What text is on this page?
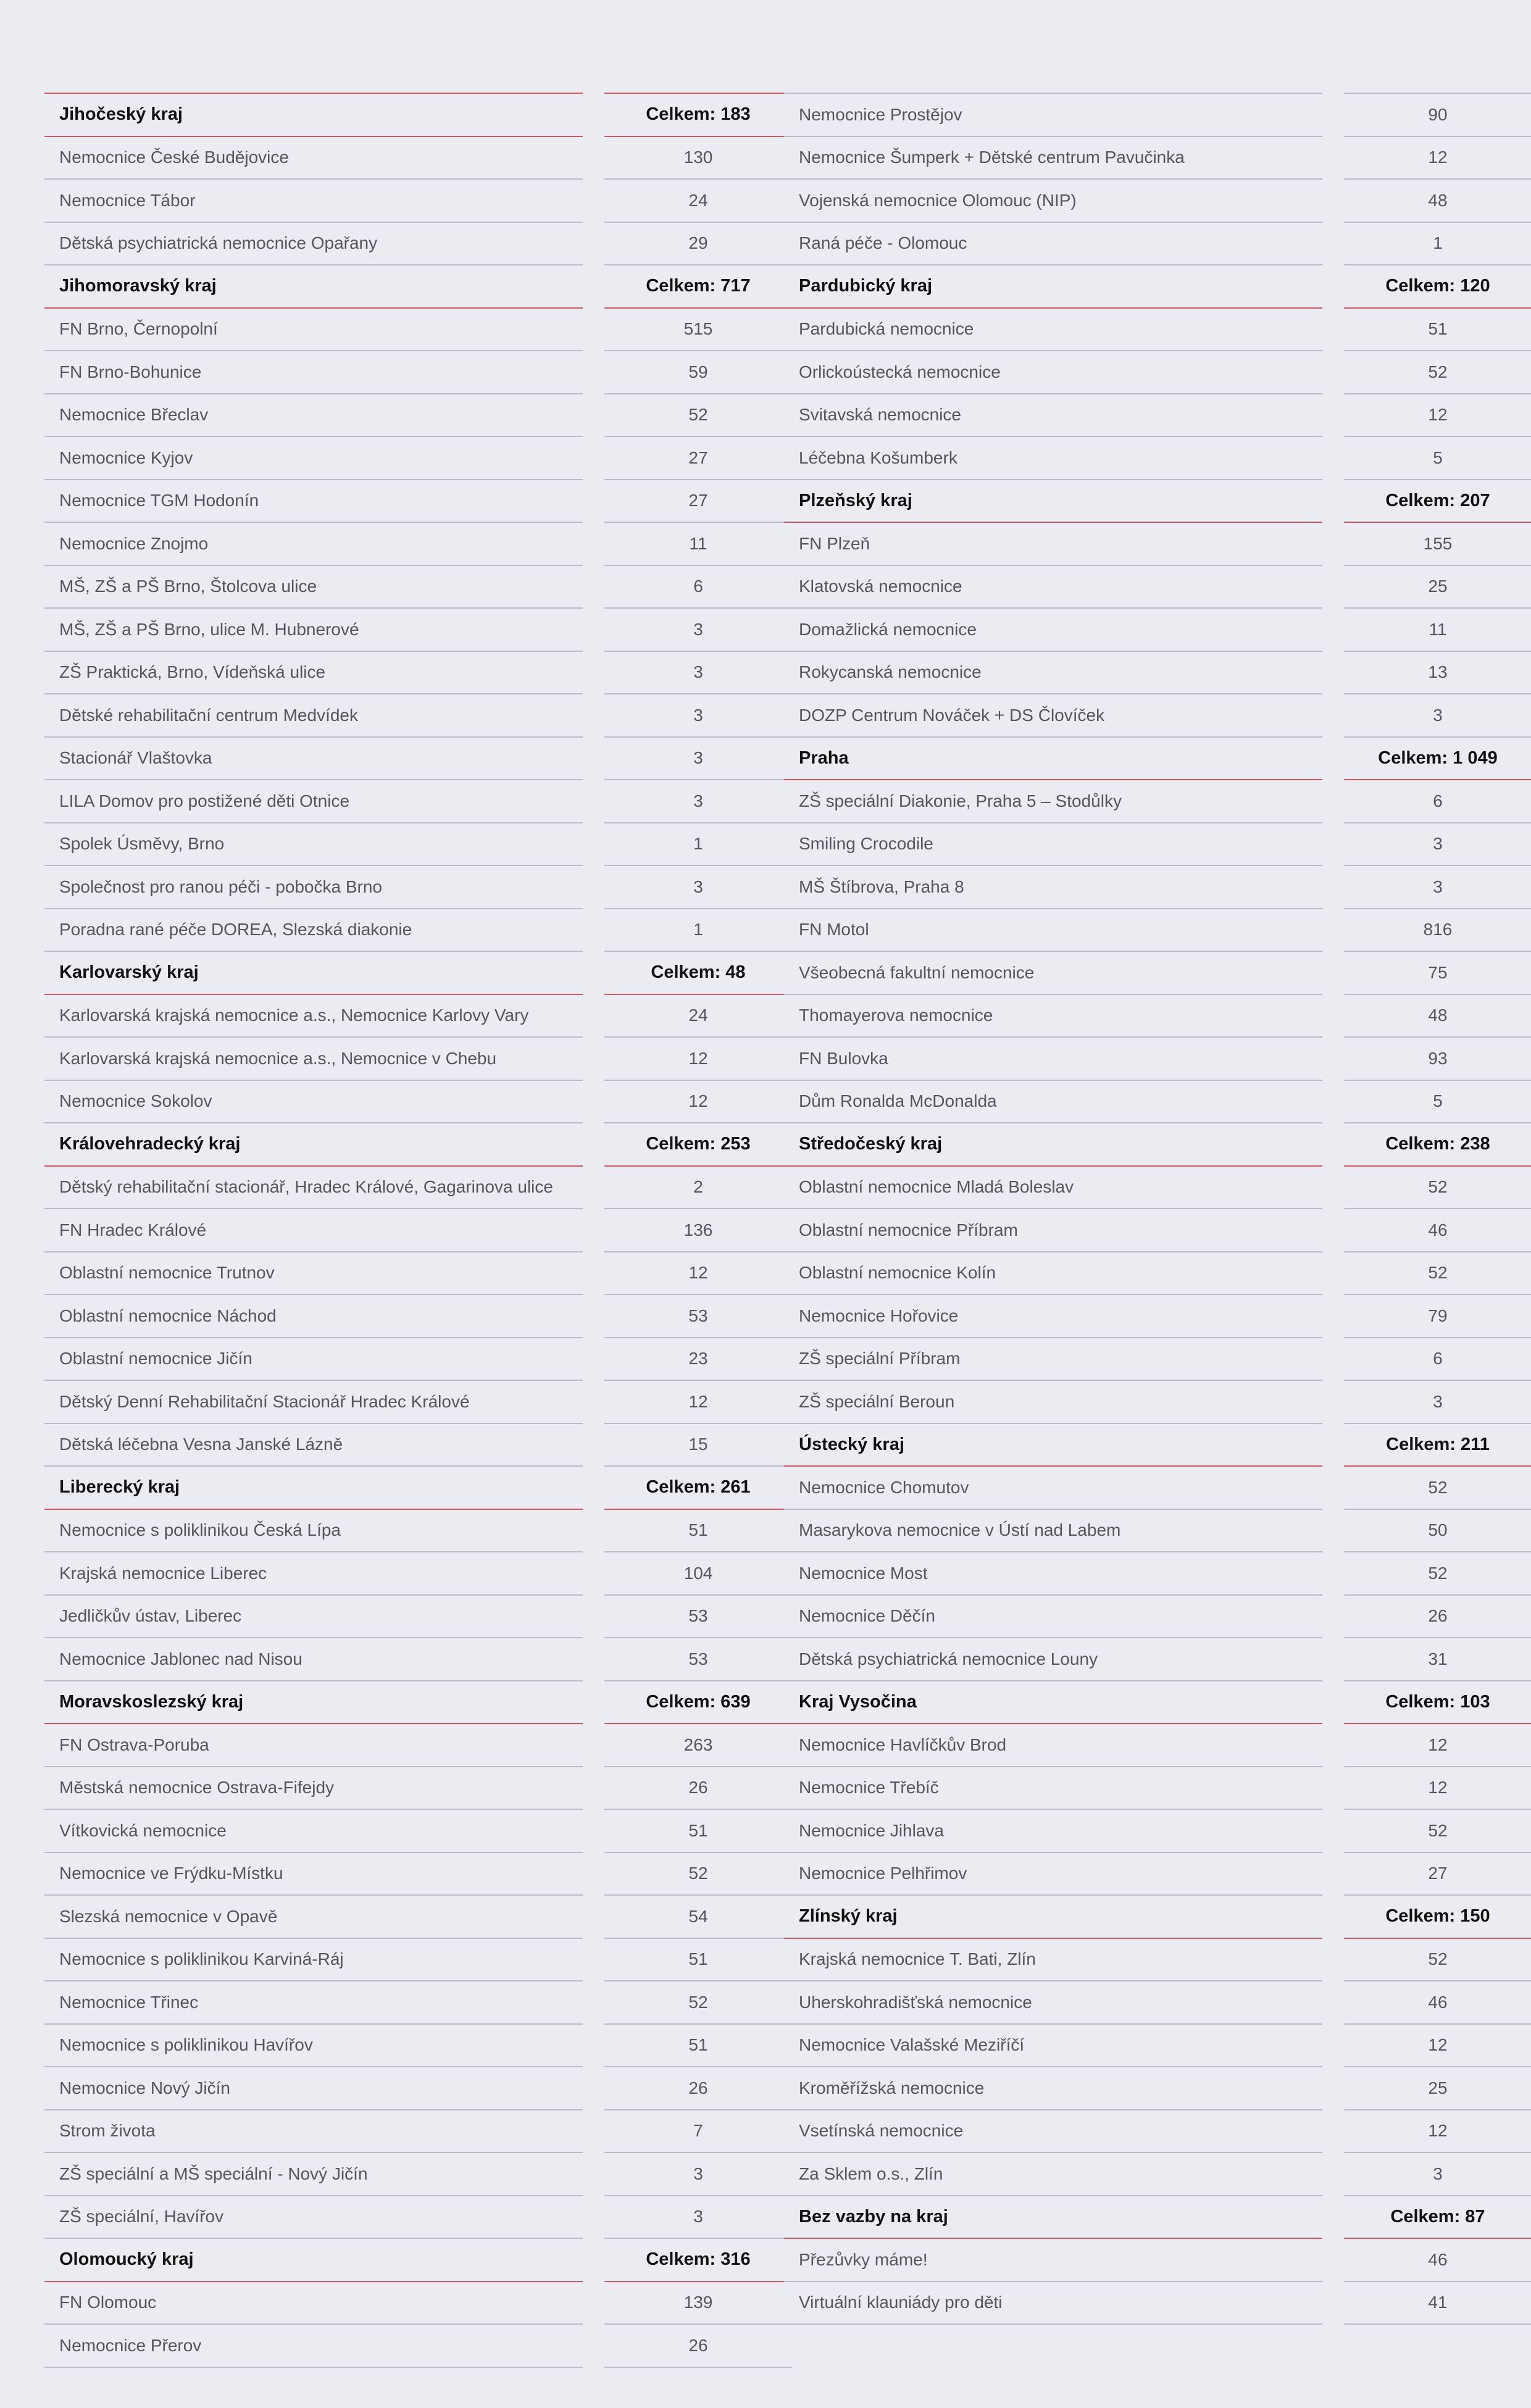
Jihočeský kraj	Celkem: 183
Nemocnice České Budějovice	130
Nemocnice Tábor	24
Dětská psychiatrická nemocnice Opařany	29
Jihomoravský kraj	Celkem: 717
FN Brno, Černopolní	515
FN Brno-Bohunice	59
Nemocnice Břeclav	52
Nemocnice Kyjov	27
Nemocnice TGM Hodonín	27
Nemocnice Znojmo	11
MŠ, ZŠ a PŠ Brno, Štolcova ulice	6
MŠ, ZŠ a PŠ Brno, ulice M. Hubnerové	3
ZŠ Praktická, Brno, Vídeňská ulice	3
Dětské rehabilitační centrum Medvídek	3
Stacionář Vlaštovka	3
LILA Domov pro postižené děti Otnice	3
Spolek Úsměvy, Brno	1
Společnost pro ranou péči - pobočka Brno	3
Poradna rané péče DOREA, Slezská diakonie	1
Karlovarský kraj	Celkem: 48
Karlovarská krajská nemocnice a.s., Nemocnice Karlovy Vary	24
Karlovarská krajská nemocnice a.s., Nemocnice v Chebu	12
Nemocnice Sokolov	12
Královehradecký kraj	Celkem: 253
Dětský rehabilitační stacionář, Hradec Králové, Gagarinova ulice	2
FN Hradec Králové	136
Oblastní nemocnice Trutnov	12
Oblastní nemocnice Náchod	53
Oblastní nemocnice Jičín	23
Dětský Denní Rehabilitační Stacionář Hradec Králové	12
Dětská léčebna Vesna Janské Lázně	15
Liberecký kraj	Celkem: 261
Nemocnice s poliklinikou Česká Lípa	51
Krajská nemocnice Liberec	104
Jedličkův ústav, Liberec	53
Nemocnice Jablonec nad Nisou	53
Moravskoslezský kraj	Celkem: 639
FN Ostrava-Poruba	263
Městská nemocnice Ostrava-Fifejdy	26
Vítkovická nemocnice	51
Nemocnice ve Frýdku-Místku	52
Slezská nemocnice v Opavě	54
Nemocnice s poliklinikou Karviná-Ráj	51
Nemocnice Třinec	52
Nemocnice s poliklinikou Havířov	51
Nemocnice Nový Jičín	26
Strom života	7
ZŠ speciální a MŠ speciální - Nový Jičín	3
ZŠ speciální, Havířov	3
Olomoucký kraj	Celkem: 316
FN Olomouc	139
Nemocnice Přerov	26
Nemocnice Prostějov	90
Nemocnice Šumperk + Dětské centrum Pavučinka	12
Vojenská nemocnice Olomouc (NIP)	48
Raná péče - Olomouc	1
Pardubický kraj	Celkem: 120
Pardubická nemocnice	51
Orlickoústecká nemocnice	52
Svitavská nemocnice	12
Léčebna Košumberk	5
Plzeňský kraj	Celkem: 207
FN Plzeň	155
Klatovská nemocnice	25
Domažlická nemocnice	11
Rokycanská nemocnice	13
DOZP Centrum Nováček + DS Človíček	3
Praha	Celkem: 1 049
ZŠ speciální Diakonie, Praha 5 – Stodůlky	6
Smiling Crocodile	3
MŠ Štíbrova, Praha 8	3
FN Motol	816
Všeobecná fakultní nemocnice	75
Thomayerova nemocnice	48
FN Bulovka	93
Dům Ronalda McDonalda	5
Středočeský kraj	Celkem: 238
Oblastní nemocnice Mladá Boleslav	52
Oblastní nemocnice Příbram	46
Oblastní nemocnice Kolín	52
Nemocnice Hořovice	79
ZŠ speciální Příbram	6
ZŠ speciální Beroun	3
Ústecký kraj	Celkem: 211
Nemocnice Chomutov	52
Masarykova nemocnice v Ústí nad Labem	50
Nemocnice Most	52
Nemocnice Děčín	26
Dětská psychiatrická nemocnice Louny	31
Kraj Vysočina	Celkem: 103
Nemocnice Havlíčkův Brod	12
Nemocnice Třebíč	12
Nemocnice Jihlava	52
Nemocnice Pelhřimov	27
Zlínský kraj	Celkem: 150
Krajská nemocnice T. Bati, Zlín	52
Uherskohradišťská nemocnice	46
Nemocnice Valašské Meziříčí	12
Kroměřížská nemocnice	25
Vsetínská nemocnice	12
Za Sklem o.s., Zlín	3
Bez vazby na kraj	Celkem: 87
Přezůvky máme!	46
Virtuální klauniády pro děti	41
